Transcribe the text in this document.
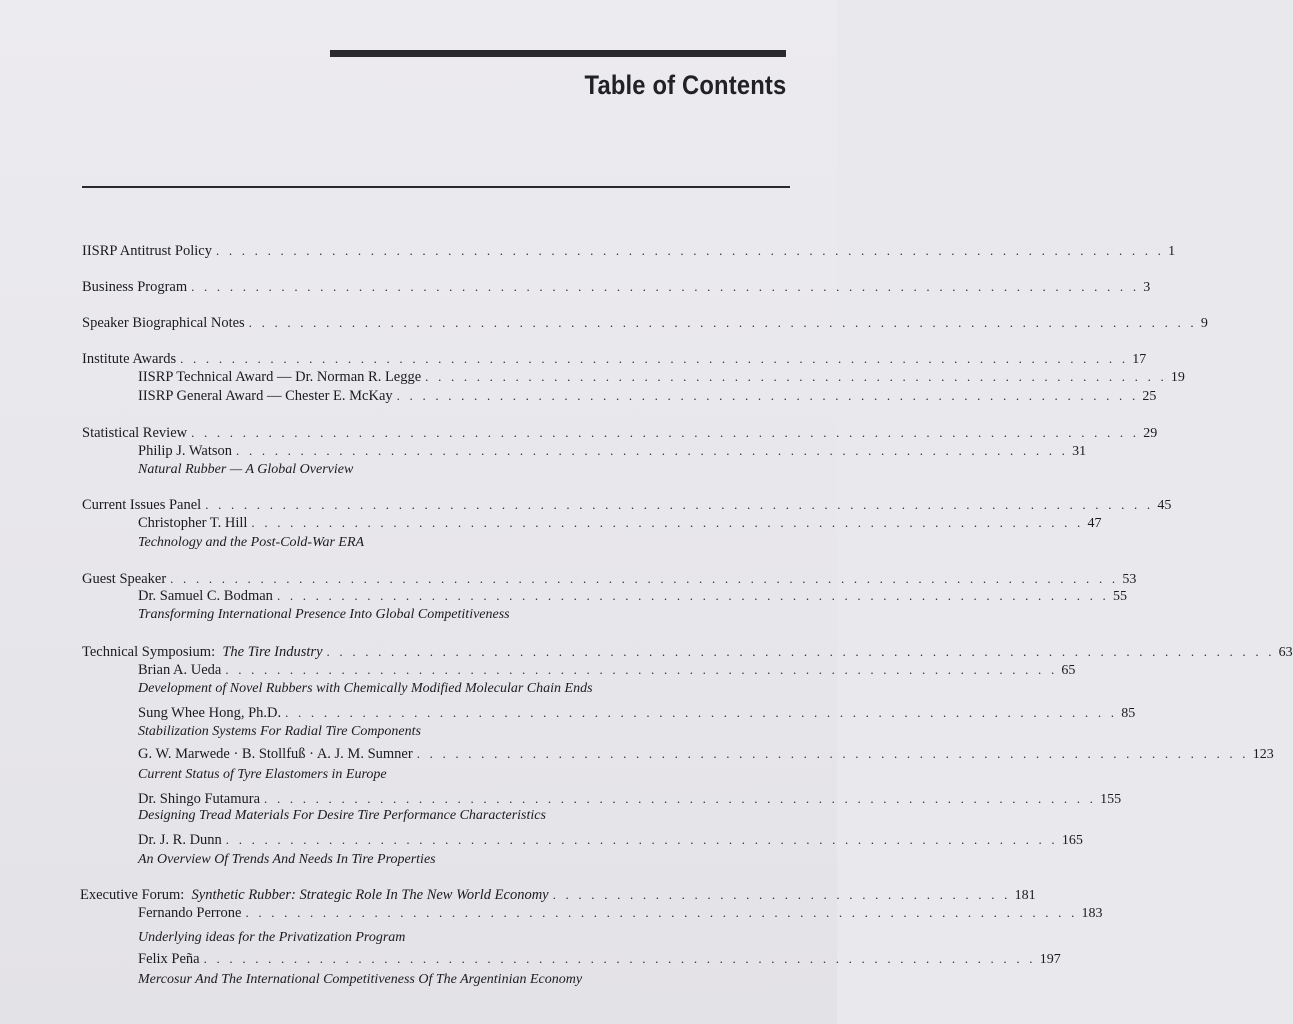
Table of Contents
IISRP Antitrust Policy . . . . . . . . . . . . . . . . . . . . . . . . . . . . . . . . . . . . . . . . . . . . . . . . . . . . . . . . . . . . . . . . . . . . . . . . . . 1
Business Program . . . . . . . . . . . . . . . . . . . . . . . . . . . . . . . . . . . . . . . . . . . . . . . . . . . . . . . . . . . . . . . . . . . . . . . . . . 3
Speaker Biographical Notes . . . . . . . . . . . . . . . . . . . . . . . . . . . . . . . . . . . . . . . . . . . . . . . . . . . . . . . . . . . . . . . . . . . . . . . . . . 9
Institute Awards . . . . . . . . . . . . . . . . . . . . . . . . . . . . . . . . . . . . . . . . . . . . . . . . . . . . . . . . . . . . . . . . . . . . . . . . . . 17
IISRP Technical Award — Dr. Norman R. Legge . . . . . . . . . . . . . . . . . . . . . . . . . . . . . . . . . . . . . . . . . . . . . . . . . . . . . . . . . . 19
IISRP General Award — Chester E. McKay . . . . . . . . . . . . . . . . . . . . . . . . . . . . . . . . . . . . . . . . . . . . . . . . . . . . . . . . . . 25
Statistical Review . . . . . . . . . . . . . . . . . . . . . . . . . . . . . . . . . . . . . . . . . . . . . . . . . . . . . . . . . . . . . . . . . . . . . . . . . . 29
Philip J. Watson . . . . . . . . . . . . . . . . . . . . . . . . . . . . . . . . . . . . . . . . . . . . . . . . . . . . . . . . . . . . . . . . . 31
Natural Rubber — A Global Overview
Current Issues Panel . . . . . . . . . . . . . . . . . . . . . . . . . . . . . . . . . . . . . . . . . . . . . . . . . . . . . . . . . . . . . . . . . . . . . . . . . . 45
Christopher T. Hill . . . . . . . . . . . . . . . . . . . . . . . . . . . . . . . . . . . . . . . . . . . . . . . . . . . . . . . . . . . . . . . . . 47
Technology and the Post-Cold-War ERA
Guest Speaker . . . . . . . . . . . . . . . . . . . . . . . . . . . . . . . . . . . . . . . . . . . . . . . . . . . . . . . . . . . . . . . . . . . . . . . . . . 53
Dr. Samuel C. Bodman . . . . . . . . . . . . . . . . . . . . . . . . . . . . . . . . . . . . . . . . . . . . . . . . . . . . . . . . . . . . . . . . . 55
Transforming International Presence Into Global Competitiveness
Technical Symposium: The Tire Industry . . . . . . . . . . . . . . . . . . . . . . . . . . . . . . . . . . . . . . . . . . . . . . . . . . . . . . . . . . . . . . . . . . . . . . . . . . 63
Brian A. Ueda . . . . . . . . . . . . . . . . . . . . . . . . . . . . . . . . . . . . . . . . . . . . . . . . . . . . . . . . . . . . . . . . . 65
Development of Novel Rubbers with Chemically Modified Molecular Chain Ends
Sung Whee Hong, Ph.D. . . . . . . . . . . . . . . . . . . . . . . . . . . . . . . . . . . . . . . . . . . . . . . . . . . . . . . . . . . . . . . . . . 85
Stabilization Systems For Radial Tire Components
G. W. Marwede · B. Stollfuß · A. J. M. Sumner . . . . . . . . . . . . . . . . . . . . . . . . . . . . . . . . . . . . . . . . . . . . . . . . . . . . . . . . . . . . . . . . . 123
Current Status of Tyre Elastomers in Europe
Dr. Shingo Futamura . . . . . . . . . . . . . . . . . . . . . . . . . . . . . . . . . . . . . . . . . . . . . . . . . . . . . . . . . . . . . . . . . 155
Designing Tread Materials For Desire Tire Performance Characteristics
Dr. J. R. Dunn . . . . . . . . . . . . . . . . . . . . . . . . . . . . . . . . . . . . . . . . . . . . . . . . . . . . . . . . . . . . . . . . . 165
An Overview Of Trends And Needs In Tire Properties
Executive Forum: Synthetic Rubber: Strategic Role In The New World Economy . . . . . . . . . . . . . . . . . . . . . . . . . . . . . . . . . . . . 181
Fernando Perrone . . . . . . . . . . . . . . . . . . . . . . . . . . . . . . . . . . . . . . . . . . . . . . . . . . . . . . . . . . . . . . . . . 183
Underlying ideas for the Privatization Program
Felix Peña . . . . . . . . . . . . . . . . . . . . . . . . . . . . . . . . . . . . . . . . . . . . . . . . . . . . . . . . . . . . . . . . . 197
Mercosur And The International Competitiveness Of The Argentinian Economy
